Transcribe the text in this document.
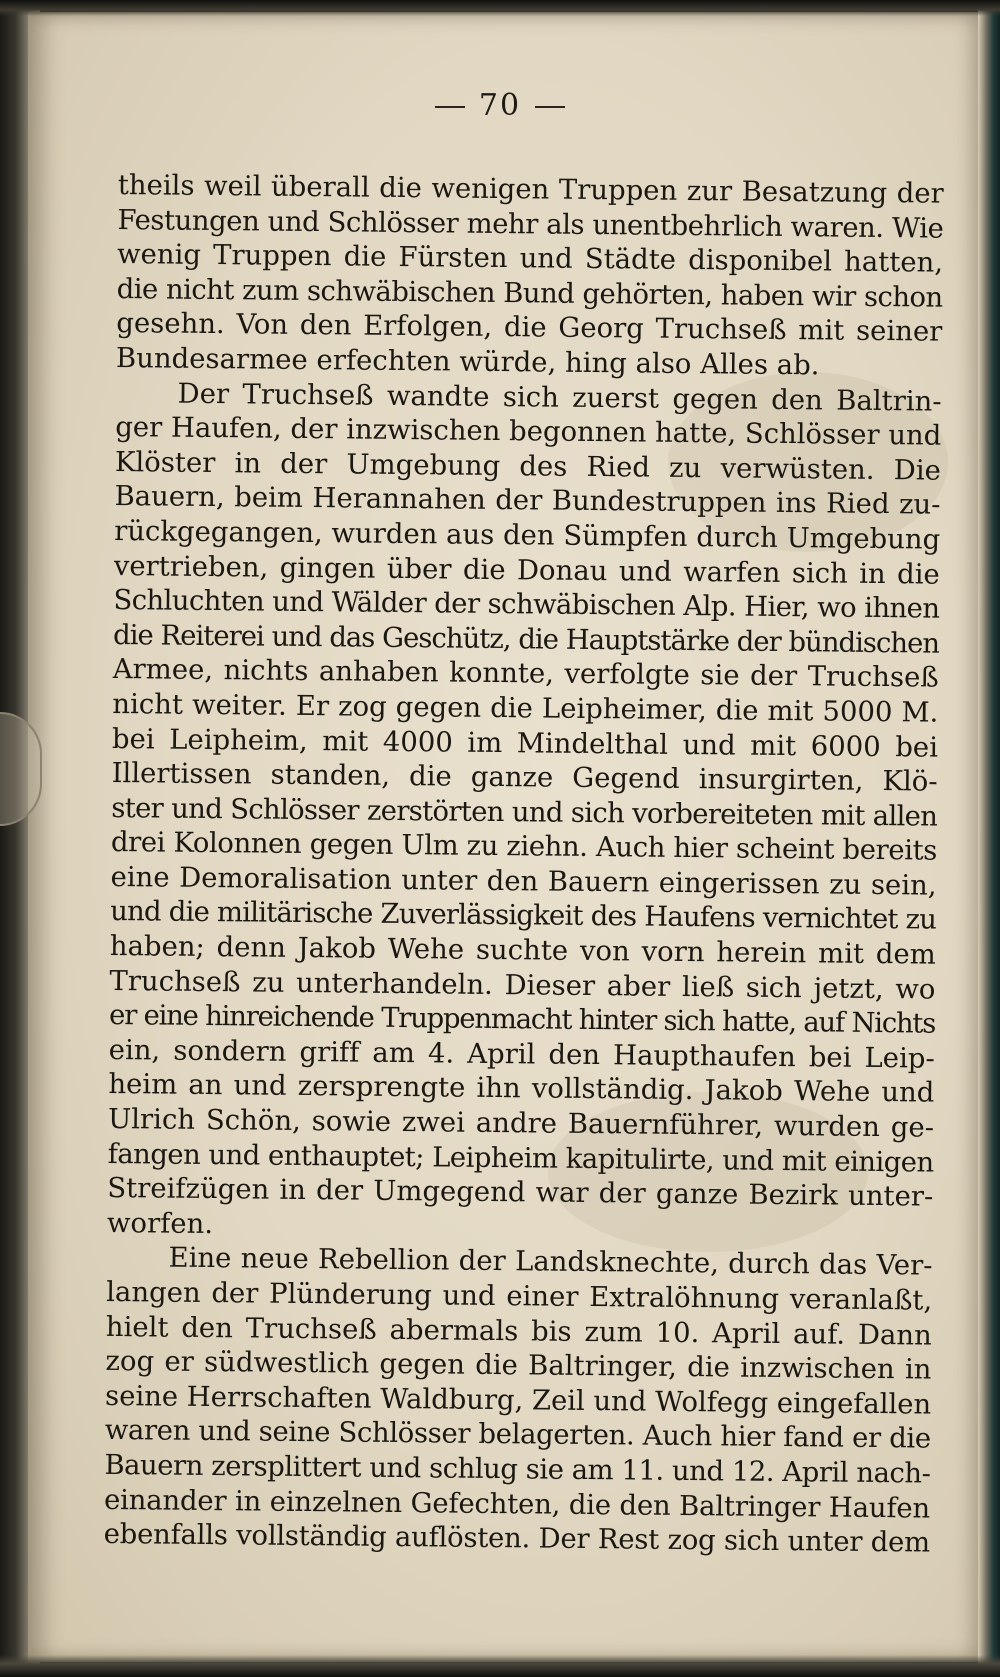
70
theils weil überall die wenigen Truppen zur Besatzung der
Festungen und Schlösser mehr als unentbehrlich waren. Wie
wenig Truppen die Fürsten und Städte disponibel hatten,
die nicht zum schwäbischen Bund gehörten, haben wir schon
gesehn. Von den Erfolgen, die Georg Truchseß mit seiner
Bundesarmee erfechten würde, hing also Alles ab.
Der Truchseß wandte sich zuerst gegen den Baltrin-
ger Haufen, der inzwischen begonnen hatte, Schlösser und
Klöster in der Umgebung des Ried zu verwüsten. Die
Bauern, beim Herannahen der Bundestruppen ins Ried zu-
rückgegangen, wurden aus den Sümpfen durch Umgebung
vertrieben, gingen über die Donau und warfen sich in die
Schluchten und Wälder der schwäbischen Alp. Hier, wo ihnen
die Reiterei und das Geschütz, die Hauptstärke der bündischen
Armee, nichts anhaben konnte, verfolgte sie der Truchseß
nicht weiter. Er zog gegen die Leipheimer, die mit 5000 M.
bei Leipheim, mit 4000 im Mindelthal und mit 6000 bei
Illertissen standen, die ganze Gegend insurgirten, Klö-
ster und Schlösser zerstörten und sich vorbereiteten mit allen
drei Kolonnen gegen Ulm zu ziehn. Auch hier scheint bereits
eine Demoralisation unter den Bauern eingerissen zu sein,
und die militärische Zuverlässigkeit des Haufens vernichtet zu
haben; denn Jakob Wehe suchte von vorn herein mit dem
Truchseß zu unterhandeln. Dieser aber ließ sich jetzt, wo
er eine hinreichende Truppenmacht hinter sich hatte, auf Nichts
ein, sondern griff am 4. April den Haupthaufen bei Leip-
heim an und zersprengte ihn vollständig. Jakob Wehe und
Ulrich Schön, sowie zwei andre Bauernführer, wurden ge-
fangen und enthauptet; Leipheim kapitulirte, und mit einigen
Streifzügen in der Umgegend war der ganze Bezirk unter-
worfen.
Eine neue Rebellion der Landsknechte, durch das Ver-
langen der Plünderung und einer Extralöhnung veranlaßt,
hielt den Truchseß abermals bis zum 10. April auf. Dann
zog er südwestlich gegen die Baltringer, die inzwischen in
seine Herrschaften Waldburg, Zeil und Wolfegg eingefallen
waren und seine Schlösser belagerten. Auch hier fand er die
Bauern zersplittert und schlug sie am 11. und 12. April nach-
einander in einzelnen Gefechten, die den Baltringer Haufen
ebenfalls vollständig auflösten. Der Rest zog sich unter dem
